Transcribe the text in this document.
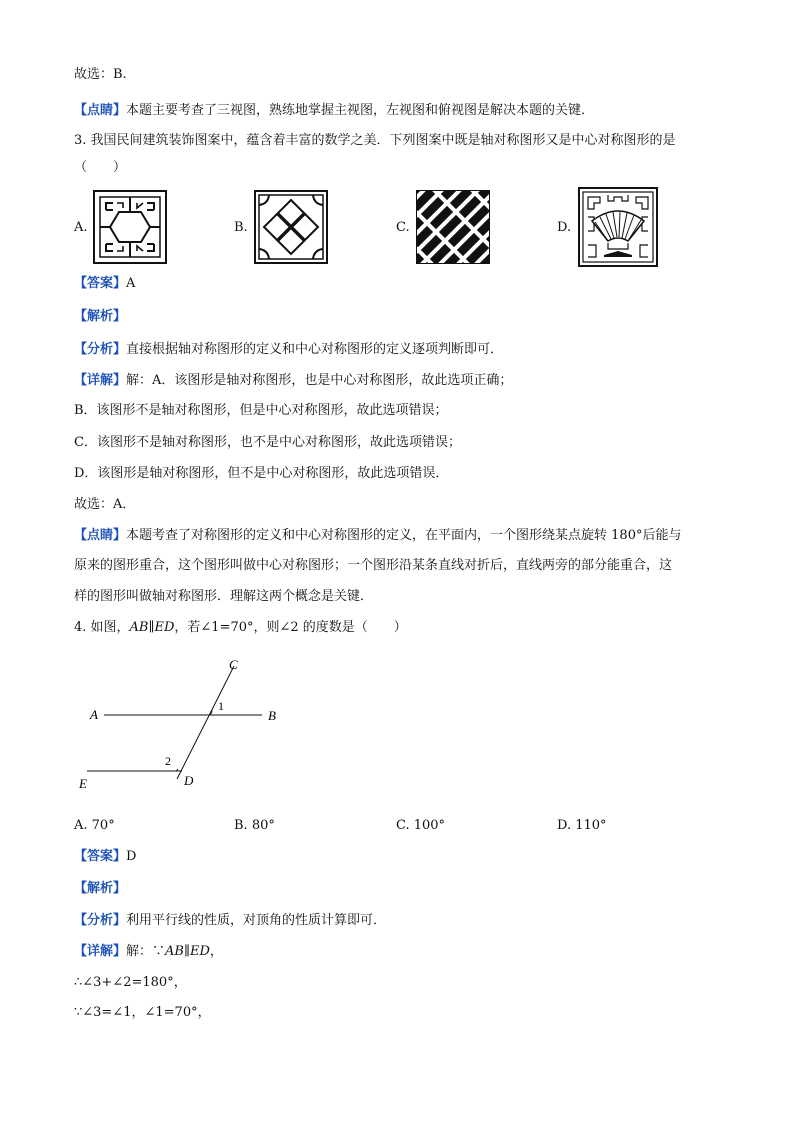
故选：B.
【点睛】本题主要考查了三视图，熟练地掌握主视图，左视图和俯视图是解决本题的关键．
3. 我国民间建筑装饰图案中，蕴含着丰富的数学之美．下列图案中既是轴对称图形又是中心对称图形的是
（　　）
A.	B.	C.	D.
【答案】A
【解析】
【分析】直接根据轴对称图形的定义和中心对称图形的定义逐项判断即可．
【详解】解：A．该图形是轴对称图形，也是中心对称图形，故此选项正确；
B．该图形不是轴对称图形，但是中心对称图形，故此选项错误；
C．该图形不是轴对称图形，也不是中心对称图形，故此选项错误；
D．该图形是轴对称图形，但不是中心对称图形，故此选项错误．
故选：A．
【点睛】本题考查了对称图形的定义和中心对称图形的定义，在平面内，一个图形绕某点旋转 180°后能与
原来的图形重合，这个图形叫做中心对称图形；一个图形沿某条直线对折后，直线两旁的部分能重合，这
样的图形叫做轴对称图形．理解这两个概念是关键．
4. 如图，AB∥ED，若∠1=70°，则∠2 的度数是（　　）
A	B
C
D
E
1
2
A. 70°	B. 80°	C. 100°	D. 110°
【答案】D
【解析】
【分析】利用平行线的性质，对顶角的性质计算即可．
【详解】解：∵AB∥ED，
∴∠3+∠2=180°，
∵∠3=∠1，∠1=70°，
